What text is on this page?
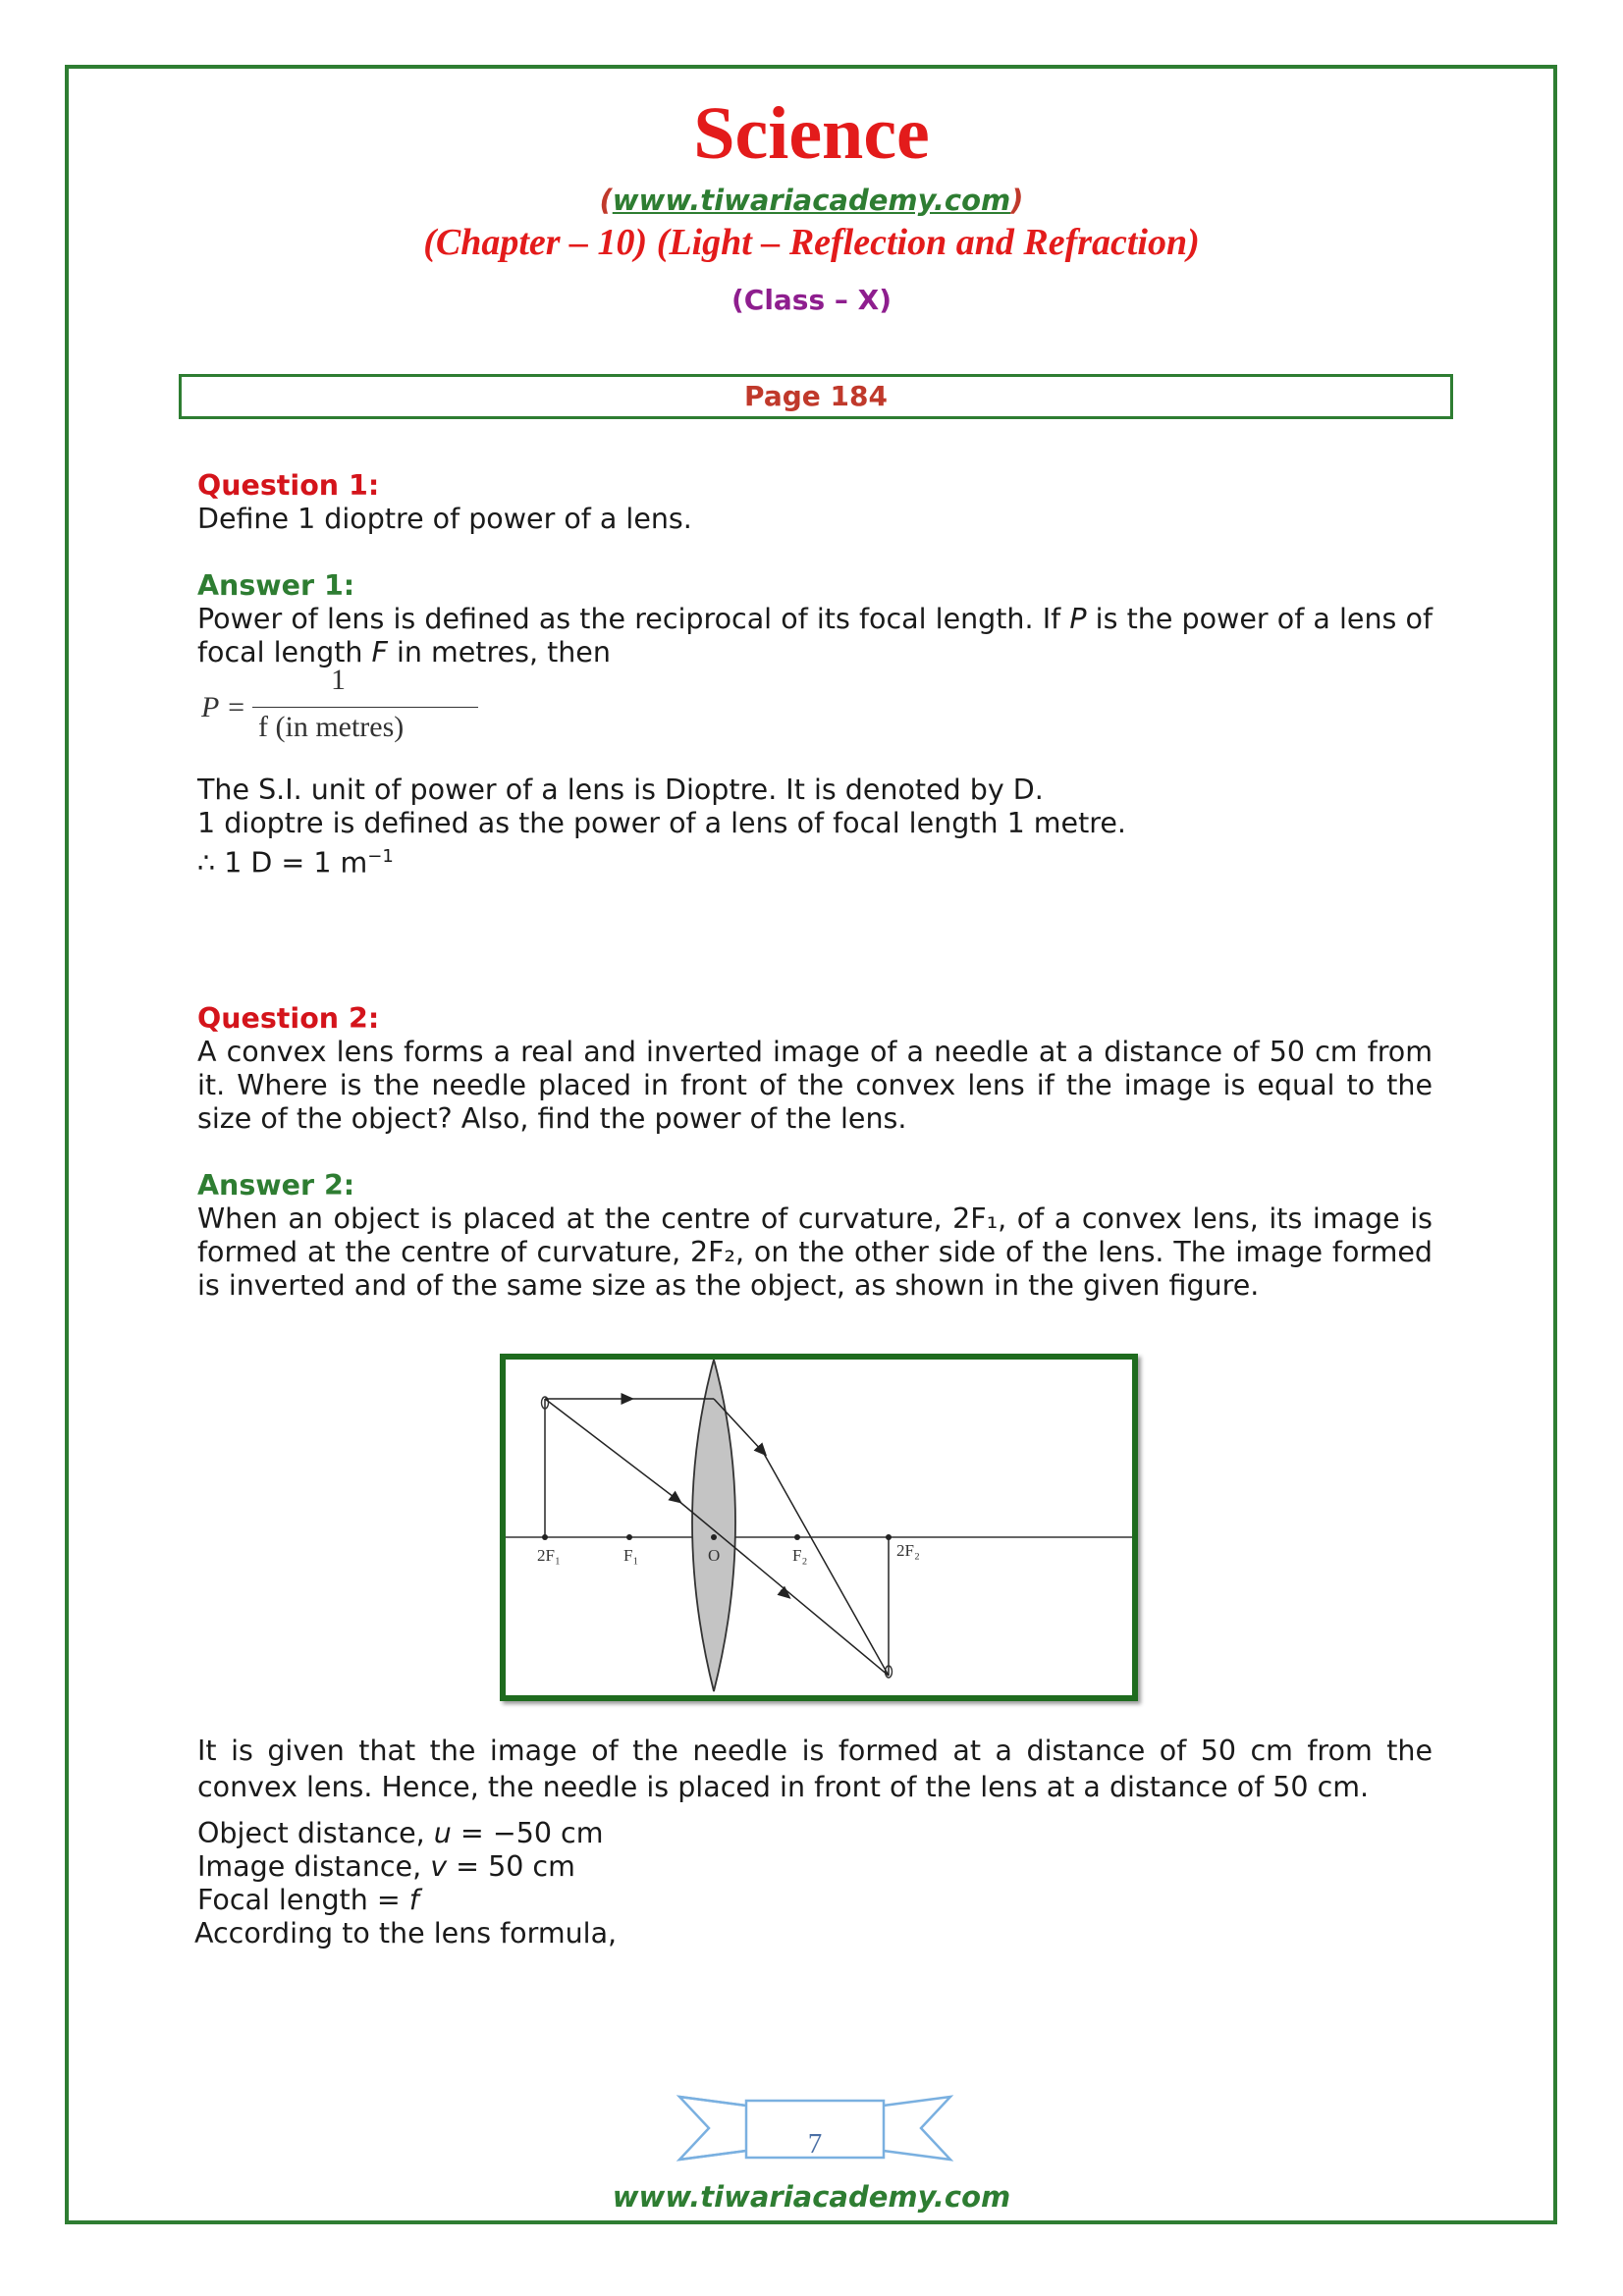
Science
(www.tiwariacademy.com)
(Chapter – 10) (Light – Reflection and Refraction)
(Class – X)
Page 184
Question 1:
Define 1 dioptre of power of a lens.
Answer 1:
Power of lens is defined as the reciprocal of its focal length. If P is the power of a lens of focal length F in metres, then
P =
1
f (in metres)
The S.I. unit of power of a lens is Dioptre. It is denoted by D.
1 dioptre is defined as the power of a lens of focal length 1 metre.
∴ 1 D = 1 $m^{-1}$
Question 2:
A convex lens forms a real and inverted image of a needle at a distance of 50 cm from it. Where is the needle placed in front of the convex lens if the image is equal to the size of the object? Also, find the power of the lens.
Answer 2:
When an object is placed at the centre of curvature, 2F₁, of a convex lens, its image is formed at the centre of curvature, 2F₂, on the other side of the lens. The image formed is inverted and of the same size as the object, as shown in the given figure.
2F₁	F₁	O	F₂	2F₂
It is given that the image of the needle is formed at a distance of 50 cm from the convex lens. Hence, the needle is placed in front of the lens at a distance of 50 cm.
Object distance, u = −50 cm
Image distance, v = 50 cm
Focal length = f
According to the lens formula,
7
www.tiwariacademy.com
